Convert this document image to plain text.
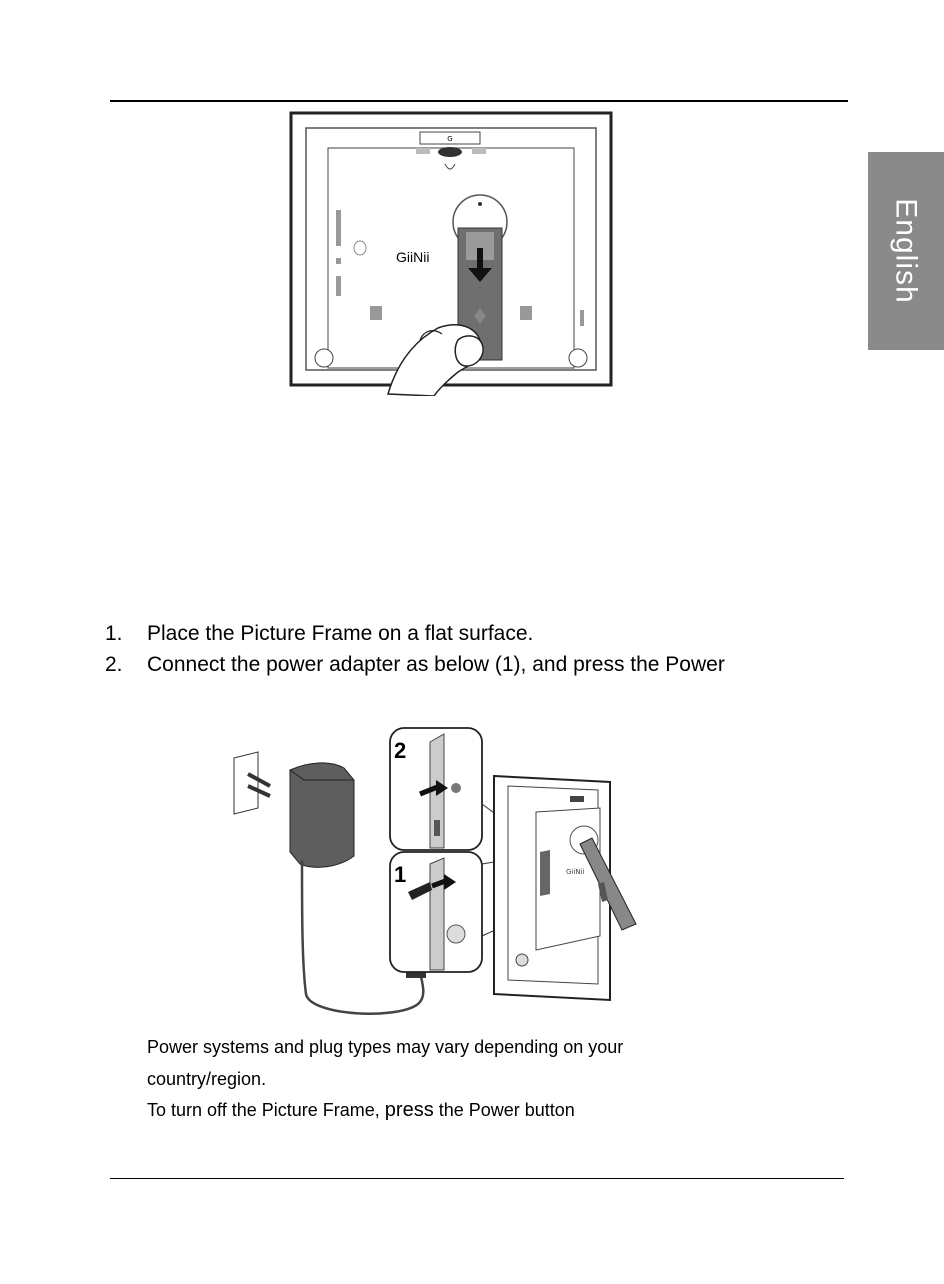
English
G
GiiNii
1.	Place the Picture Frame on a flat surface.
2.	Connect the power adapter as below (1), and press the Power
2
1	GiiNii

Power systems and plug types may vary depending on your

country/region.

To turn off the Picture Frame, press the Power button
